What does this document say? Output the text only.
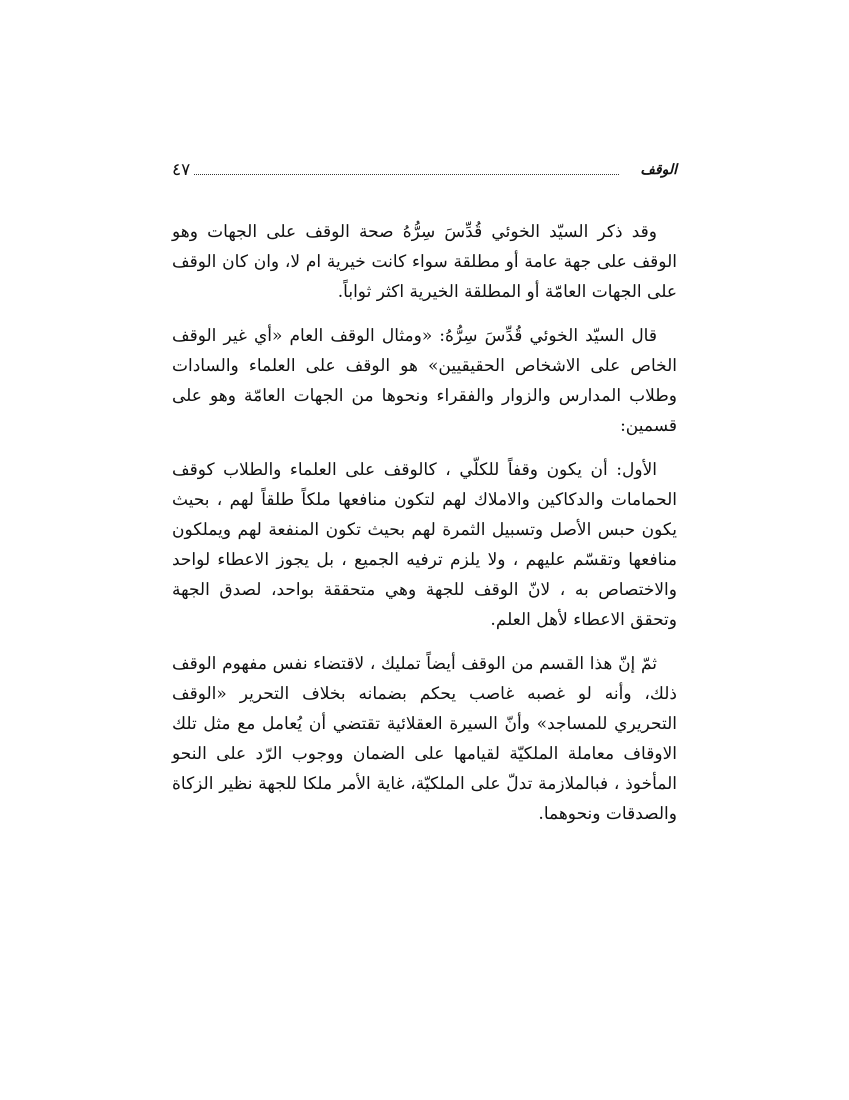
الوقف
٤٧

وقد ذكر السيّد الخوئي قُدِّسَ سِرُّهُ صحة الوقف على الجهات وهو الوقف على جهة عامة أو مطلقة سواء كانت خيرية ام لا، وان كان الوقف على الجهات العامّة أو المطلقة الخيرية اكثر ثواباً.

قال السيّد الخوئي قُدِّسَ سِرُّهُ: «ومثال الوقف العام «أي غير الوقف الخاص على الاشخاص الحقيقيين» هو الوقف على العلماء والسادات وطلاب المدارس والزوار والفقراء ونحوها من الجهات العامّة وهو على قسمين:

الأول: أن يكون وقفاً للكلّي ، كالوقف على العلماء والطلاب كوقف الحمامات والدكاكين والاملاك لهم لتكون منافعها ملكاً طلقاً لهم ، بحيث يكون حبس الأصل وتسبيل الثمرة لهم بحيث تكون المنفعة لهم ويملكون منافعها وتقسّم عليهم ، ولا يلزم ترفيه الجميع ، بل يجوز الاعطاء لواحد والاختصاص به ، لانّ الوقف للجهة وهي متحققة بواحد، لصدق الجهة وتحقق الاعطاء لأهل العلم.

ثمّ إنّ هذا القسم من الوقف أيضاً تمليك ، لاقتضاء نفس مفهوم الوقف ذلك، وأنه لو غصبه غاصب يحكم بضمانه بخلاف التحرير «الوقف التحريري للمساجد» وأنّ السيرة العقلائية تقتضي أن يُعامل مع مثل تلك الاوقاف معاملة الملكيّة لقيامها على الضمان ووجوب الرّد على النحو المأخوذ ، فبالملازمة تدلّ على الملكيّة، غاية الأمر ملكا للجهة نظير الزكاة والصدقات ونحوهما.
